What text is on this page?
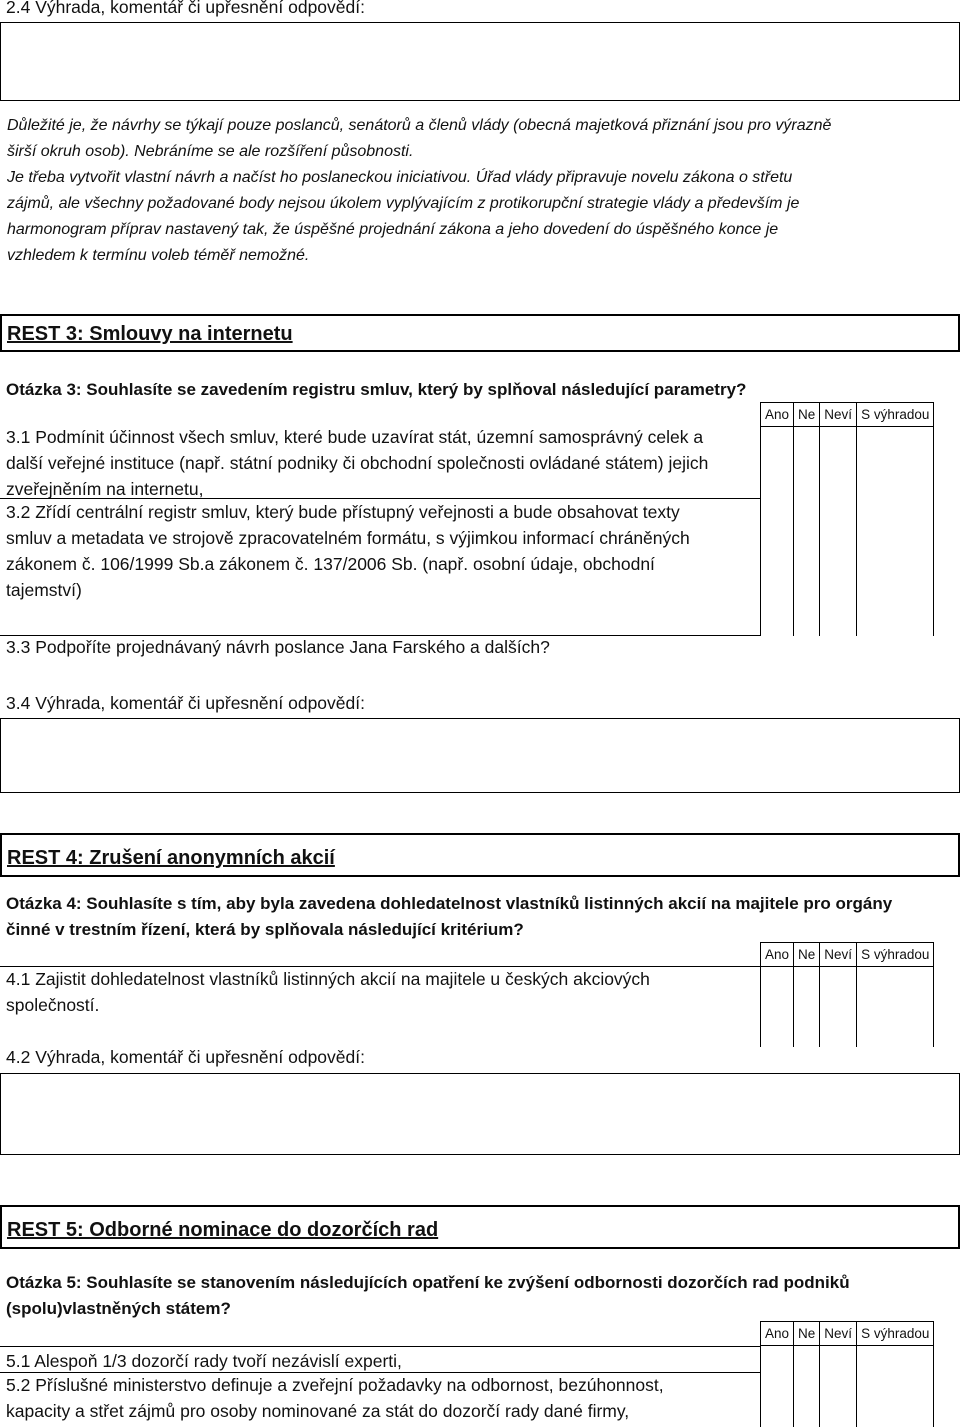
2.4 Výhrada, komentář či upřesnění odpovědí:
Důležité je, že návrhy se týkají pouze poslanců, senátorů a členů vlády (obecná majetková přiznání jsou pro výrazně
širší okruh osob). Nebráníme se ale rozšíření působnosti.
Je třeba vytvořit vlastní návrh a načíst ho poslaneckou iniciativou. Úřad vlády připravuje novelu zákona o střetu
zájmů, ale všechny požadované body nejsou úkolem vyplývajícím z protikorupční strategie vlády a především je
harmonogram příprav nastavený tak, že úspěšné projednání zákona a jeho dovedení do úspěšného konce je
vzhledem k termínu voleb téměř nemožné.
REST 3: Smlouvy na internetu
Otázka 3: Souhlasíte se zavedením registru smluv, který by splňoval následující parametry?
Ano Ne Neví S výhradou
3.1 Podmínit účinnost všech smluv, které bude uzavírat stát, územní samosprávný celek a
další veřejné instituce (např. státní podniky či obchodní společnosti ovládané státem) jejich
zveřejněním na internetu,
3.2 Zřídí centrální registr smluv, který bude přístupný veřejnosti a bude obsahovat texty
smluv a metadata ve strojově zpracovatelném formátu, s výjimkou informací chráněných
zákonem č. 106/1999 Sb.a zákonem č. 137/2006 Sb. (např. osobní údaje, obchodní
tajemství)
3.3 Podpoříte projednávaný návrh poslance Jana Farského a dalších?
3.4 Výhrada, komentář či upřesnění odpovědí:
REST 4: Zrušení anonymních akcií
Otázka 4: Souhlasíte s tím, aby byla zavedena dohledatelnost vlastníků listinných akcií na majitele pro orgány
činné v trestním řízení, která by splňovala následující kritérium?
Ano Ne Neví S výhradou
4.1 Zajistit dohledatelnost vlastníků listinných akcií na majitele u českých akciových
společností.
4.2 Výhrada, komentář či upřesnění odpovědí:
REST 5: Odborné nominace do dozorčích rad
Otázka 5: Souhlasíte se stanovením následujících opatření ke zvýšení odbornosti dozorčích rad podniků
(spolu)vlastněných státem?
Ano Ne Neví S výhradou
5.1 Alespoň 1/3 dozorčí rady tvoří nezávislí experti,
5.2 Příslušné ministerstvo definuje a zveřejní požadavky na odbornost, bezúhonnost,
kapacity a střet zájmů pro osoby nominované za stát do dozorčí rady dané firmy,
